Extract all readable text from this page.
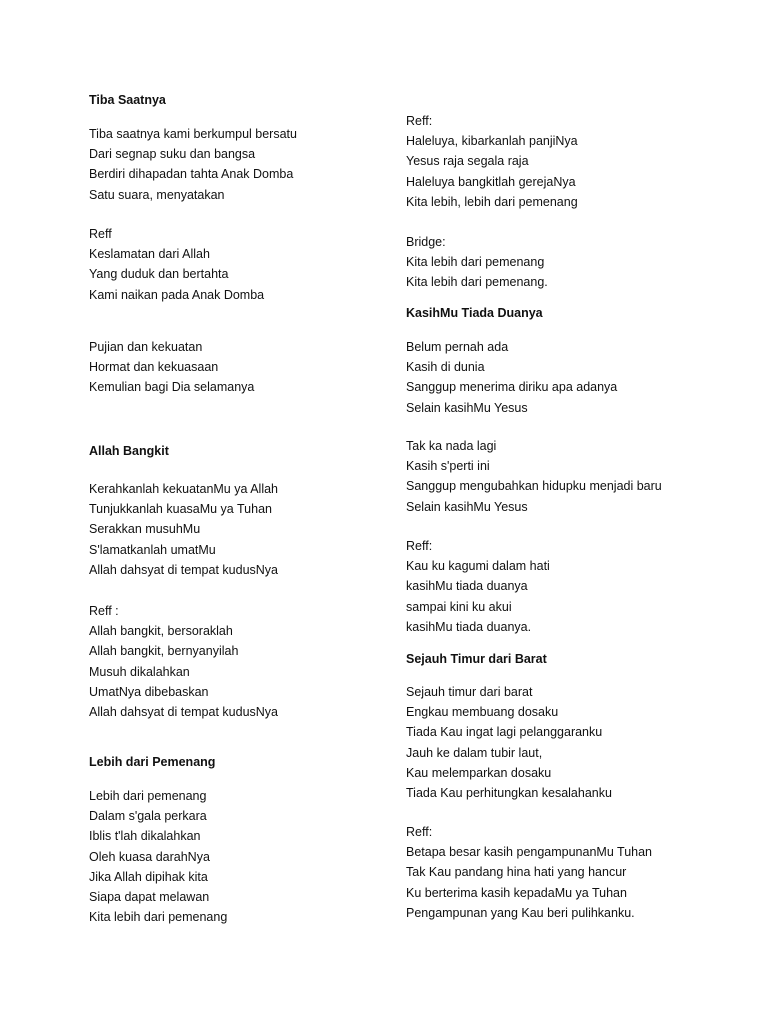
Tiba Saatnya
Tiba saatnya kami berkumpul bersatu
Dari segnap suku dan bangsa
Berdiri dihapadan tahta Anak Domba
Satu suara, menyatakan
Reff
Keslamatan dari Allah
Yang duduk dan bertahta
Kami naikan pada Anak Domba
Pujian dan kekuatan
Hormat dan kekuasaan
Kemulian bagi Dia selamanya
Allah Bangkit
Kerahkanlah kekuatanMu ya Allah
Tunjukkanlah kuasaMu ya Tuhan
Serakkan musuhMu
S'lamatkanlah umatMu
Allah dahsyat di tempat kudusNya
Reff :
Allah bangkit, bersoraklah
Allah bangkit, bernyanyilah
Musuh dikalahkan
UmatNya dibebaskan
Allah dahsyat di tempat kudusNya
Lebih dari Pemenang
Lebih dari pemenang
Dalam s'gala perkara
Iblis t'lah dikalahkan
Oleh kuasa darahNya
Jika Allah dipihak kita
Siapa dapat melawan
Kita lebih dari pemenang
Reff:
Haleluya, kibarkanlah panjiNya
Yesus raja segala raja
Haleluya bangkitlah gerejaNya
Kita lebih, lebih dari pemenang
Bridge:
Kita lebih dari pemenang
Kita lebih dari pemenang.
KasihMu Tiada Duanya
Belum pernah ada
Kasih di dunia
Sanggup menerima diriku apa adanya
Selain kasihMu Yesus
Tak ka nada lagi
Kasih s'perti ini
Sanggup mengubahkan hidupku menjadi baru
Selain kasihMu Yesus
Reff:
Kau ku kagumi dalam hati
kasihMu tiada duanya
sampai kini ku akui
kasihMu tiada duanya.
Sejauh Timur dari Barat
Sejauh timur dari barat
Engkau membuang dosaku
Tiada Kau ingat lagi pelanggaranku
Jauh ke dalam tubir laut,
Kau melemparkan dosaku
Tiada Kau perhitungkan kesalahanku
Reff:
Betapa besar kasih pengampunanMu Tuhan
Tak Kau pandang hina hati yang hancur
Ku berterima kasih kepadaMu ya Tuhan
Pengampunan yang Kau beri pulihkanku.
